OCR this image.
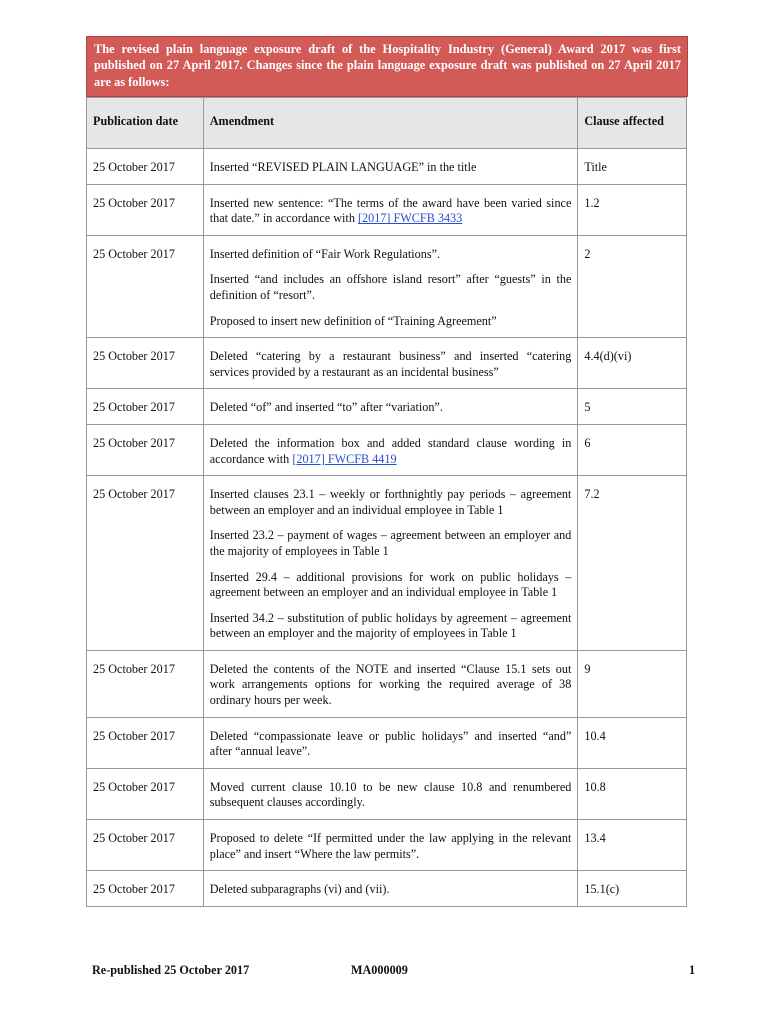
The revised plain language exposure draft of the Hospitality Industry (General) Award 2017 was first published on 27 April 2017. Changes since the plain language exposure draft was published on 27 April 2017 are as follows:
Publication date	Amendment	Clause affected
25 October 2017	Inserted “REVISED PLAIN LANGUAGE” in the title	Title
25 October 2017	Inserted new sentence: “The terms of the award have been varied since that date.” in accordance with [2017] FWCFB 3433	1.2
25 October 2017	Inserted definition of “Fair Work Regulations”.
Inserted “and includes an offshore island resort” after “guests” in the definition of “resort”.
Proposed to insert new definition of “Training Agreement”	2
25 October 2017	Deleted “catering by a restaurant business” and inserted “catering services provided by a restaurant as an incidental business”	4.4(d)(vi)
25 October 2017	Deleted “of” and inserted “to” after “variation”.	5
25 October 2017	Deleted the information box and added standard clause wording in accordance with [2017] FWCFB 4419	6
25 October 2017	Inserted clauses 23.1 – weekly or forthnightly pay periods – agreement between an employer and an individual employee in Table 1
Inserted 23.2 – payment of wages – agreement between an employer and the majority of employees in Table 1
Inserted 29.4 – additional provisions for work on public holidays – agreement between an employer and an individual employee in Table 1
Inserted 34.2 – substitution of public holidays by agreement – agreement between an employer and the majority of employees in Table 1	7.2
25 October 2017	Deleted the contents of the NOTE and inserted “Clause 15.1 sets out work arrangements options for working the required average of 38 ordinary hours per week.	9
25 October 2017	Deleted “compassionate leave or public holidays” and inserted “and” after “annual leave”.	10.4
25 October 2017	Moved current clause 10.10 to be new clause 10.8 and renumbered subsequent clauses accordingly.	10.8
25 October 2017	Proposed to delete “If permitted under the law applying in the relevant place” and insert “Where the law permits”.	13.4
25 October 2017	Deleted subparagraphs (vi) and (vii).	15.1(c)
Re-published 25 October 2017	MA000009	1
